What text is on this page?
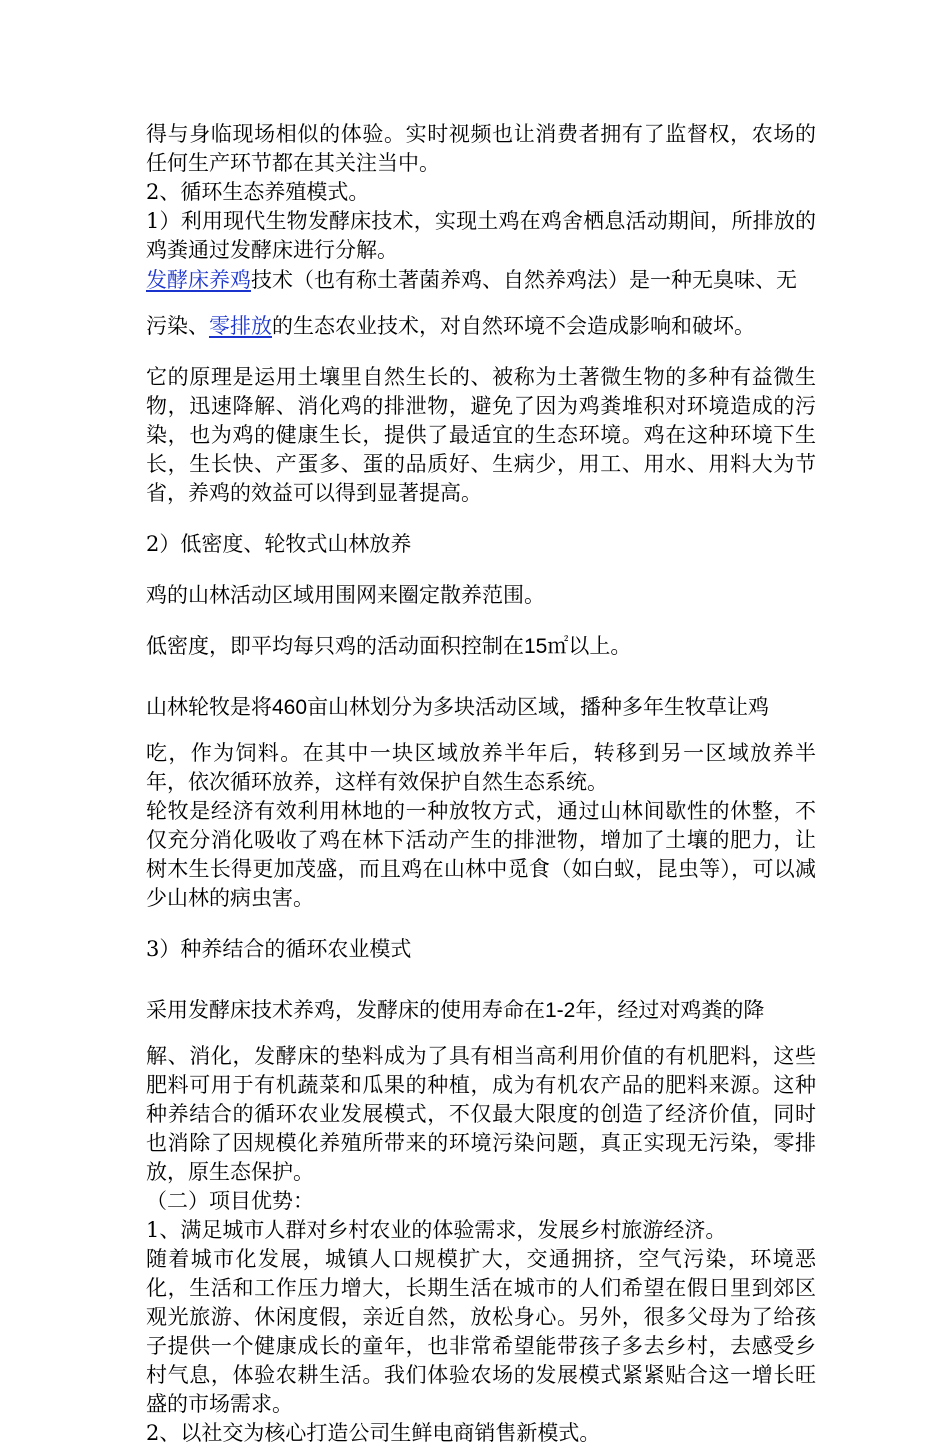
得与身临现场相似的体验。实时视频也让消费者拥有了监督权，农场的任何生产环节都在其关注当中。

2、循环生态养殖模式。

1）利用现代生物发酵床技术，实现土鸡在鸡舍栖息活动期间，所排放的鸡粪通过发酵床进行分解。

发酵床养鸡技术（也有称土著菌养鸡、自然养鸡法）是一种无臭味、无
污染、零排放的生态农业技术，对自然环境不会造成影响和破坏。

它的原理是运用土壤里自然生长的、被称为土著微生物的多种有益微生物，迅速降解、消化鸡的排泄物，避免了因为鸡粪堆积对环境造成的污染，也为鸡的健康生长，提供了最适宜的生态环境。鸡在这种环境下生长，生长快、产蛋多、蛋的品质好、生病少，用工、用水、用料大为节省，养鸡的效益可以得到显著提高。

2）低密度、轮牧式山林放养

鸡的山林活动区域用围网来圈定散养范围。

低密度，即平均每只鸡的活动面积控制在15㎡以上。

山林轮牧是将460亩山林划分为多块活动区域，播种多年生牧草让鸡
吃，作为饲料。在其中一块区域放养半年后，转移到另一区域放养半年，依次循环放养，这样有效保护自然生态系统。

轮牧是经济有效利用林地的一种放牧方式，通过山林间歇性的休整，不仅充分消化吸收了鸡在林下活动产生的排泄物，增加了土壤的肥力，让树木生长得更加茂盛，而且鸡在山林中觅食（如白蚁，昆虫等），可以减少山林的病虫害。

3）种养结合的循环农业模式

采用发酵床技术养鸡，发酵床的使用寿命在1-2年，经过对鸡粪的降
解、消化，发酵床的垫料成为了具有相当高利用价值的有机肥料，这些肥料可用于有机蔬菜和瓜果的种植，成为有机农产品的肥料来源。这种种养结合的循环农业发展模式，不仅最大限度的创造了经济价值，同时也消除了因规模化养殖所带来的环境污染问题，真正实现无污染，零排放，原生态保护。

（二）项目优势：

1、满足城市人群对乡村农业的体验需求，发展乡村旅游经济。

随着城市化发展，城镇人口规模扩大，交通拥挤，空气污染，环境恶化，生活和工作压力增大，长期生活在城市的人们希望在假日里到郊区观光旅游、休闲度假，亲近自然，放松身心。另外，很多父母为了给孩子提供一个健康成长的童年，也非常希望能带孩子多去乡村，去感受乡村气息，体验农耕生活。我们体验农场的发展模式紧紧贴合这一增长旺盛的市场需求。

2、以社交为核心打造公司生鲜电商销售新模式。
